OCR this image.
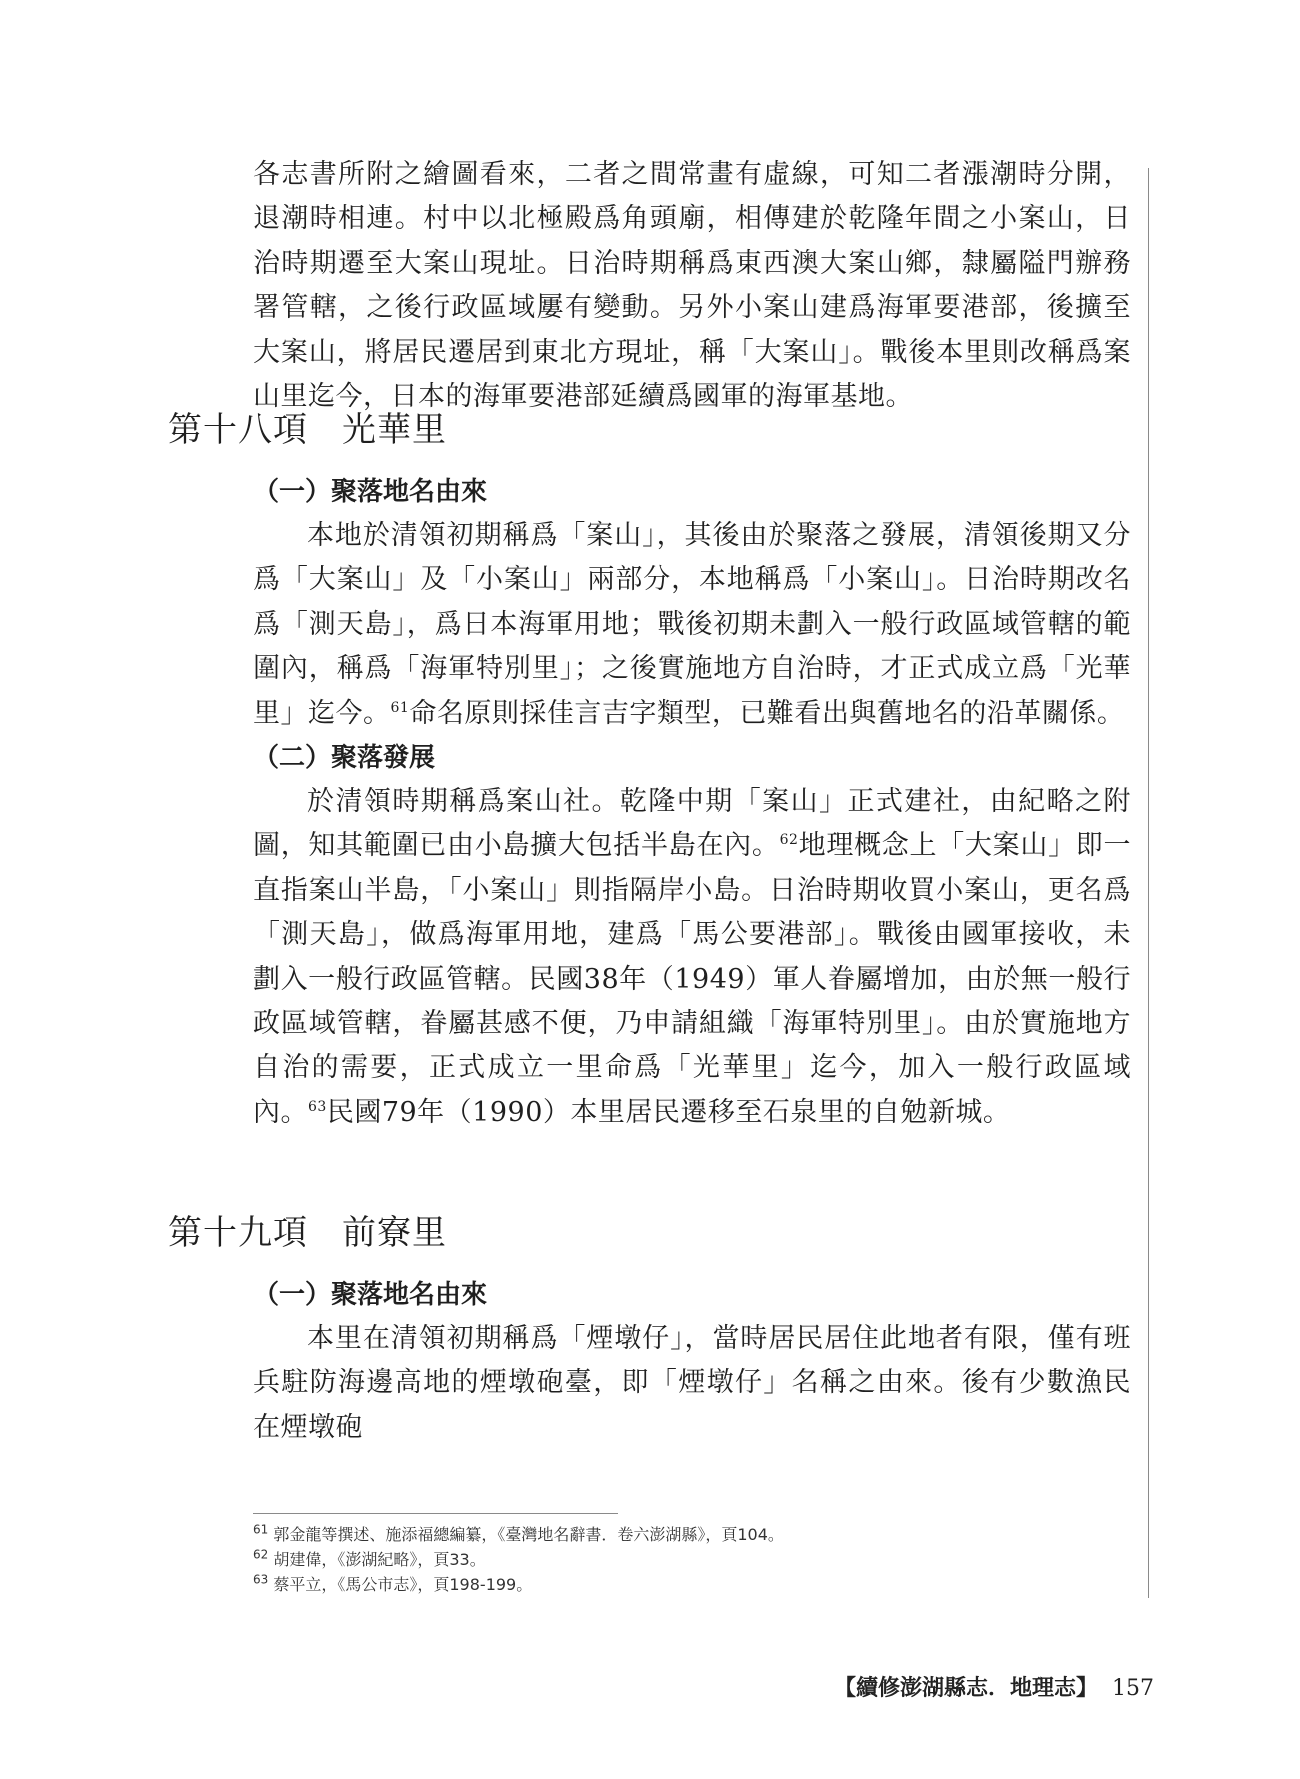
各志書所附之繪圖看來，二者之間常畫有虛線，可知二者漲潮時分開，退潮時相連。村中以北極殿爲角頭廟，相傳建於乾隆年間之小案山，日治時期遷至大案山現址。日治時期稱爲東西澳大案山鄉，隸屬隘門辦務署管轄，之後行政區域屢有變動。另外小案山建爲海軍要港部，後擴至大案山，將居民遷居到東北方現址，稱「大案山」。戰後本里則改稱爲案山里迄今，日本的海軍要港部延續爲國軍的海軍基地。

第十八項 光華里

（一）聚落地名由來

本地於清領初期稱爲「案山」，其後由於聚落之發展，清領後期又分爲「大案山」及「小案山」兩部分，本地稱爲「小案山」。日治時期改名爲「測天島」，爲日本海軍用地；戰後初期未劃入一般行政區域管轄的範圍內，稱爲「海軍特別里」；之後實施地方自治時，才正式成立爲「光華里」迄今。$^{61}$命名原則採佳言吉字類型，已難看出與舊地名的沿革關係。

（二）聚落發展

於清領時期稱爲案山社。乾隆中期「案山」正式建社，由紀略之附圖，知其範圍已由小島擴大包括半島在內。$^{62}$地理概念上「大案山」即一直指案山半島，「小案山」則指隔岸小島。日治時期收買小案山，更名爲「測天島」，做爲海軍用地，建爲「馬公要港部」。戰後由國軍接收，未劃入一般行政區管轄。民國38年（1949）軍人眷屬增加，由於無一般行政區域管轄，眷屬甚感不便，乃申請組織「海軍特別里」。由於實施地方自治的需要，正式成立一里命爲「光華里」迄今，加入一般行政區域內。$^{63}$民國79年（1990）本里居民遷移至石泉里的自勉新城。

第十九項 前寮里

（一）聚落地名由來

本里在清領初期稱爲「煙墩仔」，當時居民居住此地者有限，僅有班兵駐防海邊高地的煙墩砲臺，即「煙墩仔」名稱之由來。後有少數漁民在煙墩砲

$^{61}$ 郭金龍等撰述、施添福總編纂，《臺灣地名辭書．卷六澎湖縣》，頁104。

$^{62}$ 胡建偉，《澎湖紀略》，頁33。

$^{63}$ 蔡平立，《馬公市志》，頁198-199。

【續修澎湖縣志．地理志】 157
